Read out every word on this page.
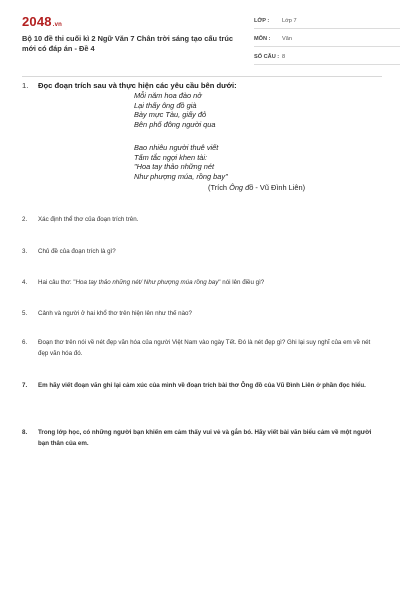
2048.vn
Bộ 10 đề thi cuối kì 2 Ngữ Văn 7 Chân trời sáng tạo cấu trúc mới có đáp án - Đề 4
LỚP :	Lớp 7
MÔN :	Văn
SỐ CÂU : 8
1. Đọc đoạn trích sau và thực hiện các yêu cầu bên dưới:
Mỗi năm hoa đào nở
Lại thấy ông đồ già
Bày mực Tàu, giấy đỏ
Bên phố đông người qua
Bao nhiêu người thuê viết
Tấm tắc ngợi khen tài:
"Hoa tay thảo những nét
Như phượng múa, rồng bay"
(Trích Ông đồ - Vũ Đình Liên)
2. Xác định thể thơ của đoạn trích trên.
3. Chủ đề của đoạn trích là gì?
4. Hai câu thơ: "Hoa tay thảo những nét/ Như phượng múa rồng bay" nói lên điều gì?
5. Cảnh và người ở hai khổ thơ trên hiện lên như thế nào?
6. Đoạn thơ trên nói về nét đẹp văn hóa của người Việt Nam vào ngày Tết. Đó là nét đẹp gì? Ghi lại suy nghĩ của em về nét đẹp văn hóa đó.
7. Em hãy viết đoạn văn ghi lại cảm xúc của mình về đoạn trích bài thơ Ông đồ của Vũ Đình Liên ở phần đọc hiểu.
8. Trong lớp học, có những người bạn khiến em cảm thấy vui vẻ và gắn bó. Hãy viết bài văn biểu cảm về một người bạn thân của em.
